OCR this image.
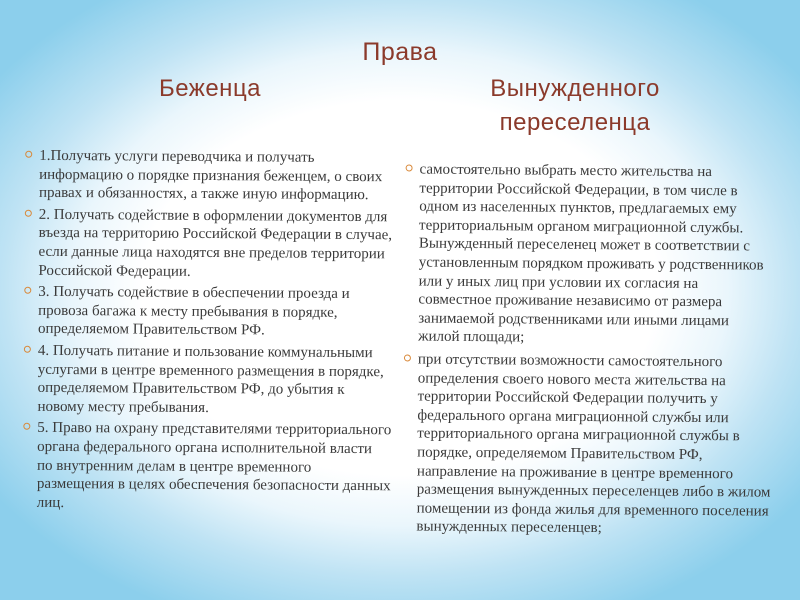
Права
Беженца	Вынужденного
переселенца
1.Получать услуги переводчика и получать информацию о порядке признания беженцем, о своих правах и обязанностях, а также иную информацию.
2. Получать содействие в оформлении документов для въезда на территорию Российской Федерации в случае, если данные лица находятся вне пределов территории Российской Федерации.
3. Получать содействие в обеспечении проезда и провоза багажа к месту пребывания в порядке, определяемом Правительством РФ.
4. Получать питание и пользование коммунальными услугами в центре временного размещения в порядке, определяемом Правительством РФ, до убытия к новому месту пребывания.
5. Право на охрану представителями территориального органа федерального органа исполнительной власти по внутренним делам в центре временного размещения в целях обеспечения безопасности данных лиц.
самостоятельно выбрать место жительства на территории Российской Федерации, в том числе в одном из населенных пунктов, предлагаемых ему территориальным органом миграционной службы. Вынужденный переселенец может в соответствии с установленным порядком проживать у родственников или у иных лиц при условии их согласия на совместное проживание независимо от размера занимаемой родственниками или иными лицами жилой площади;
при отсутствии возможности самостоятельного определения своего нового места жительства на территории Российской Федерации получить у федерального органа миграционной службы или территориального органа миграционной службы в порядке, определяемом Правительством РФ, направление на проживание в центре временного размещения вынужденных переселенцев либо в жилом помещении из фонда жилья для временного поселения вынужденных переселенцев;
